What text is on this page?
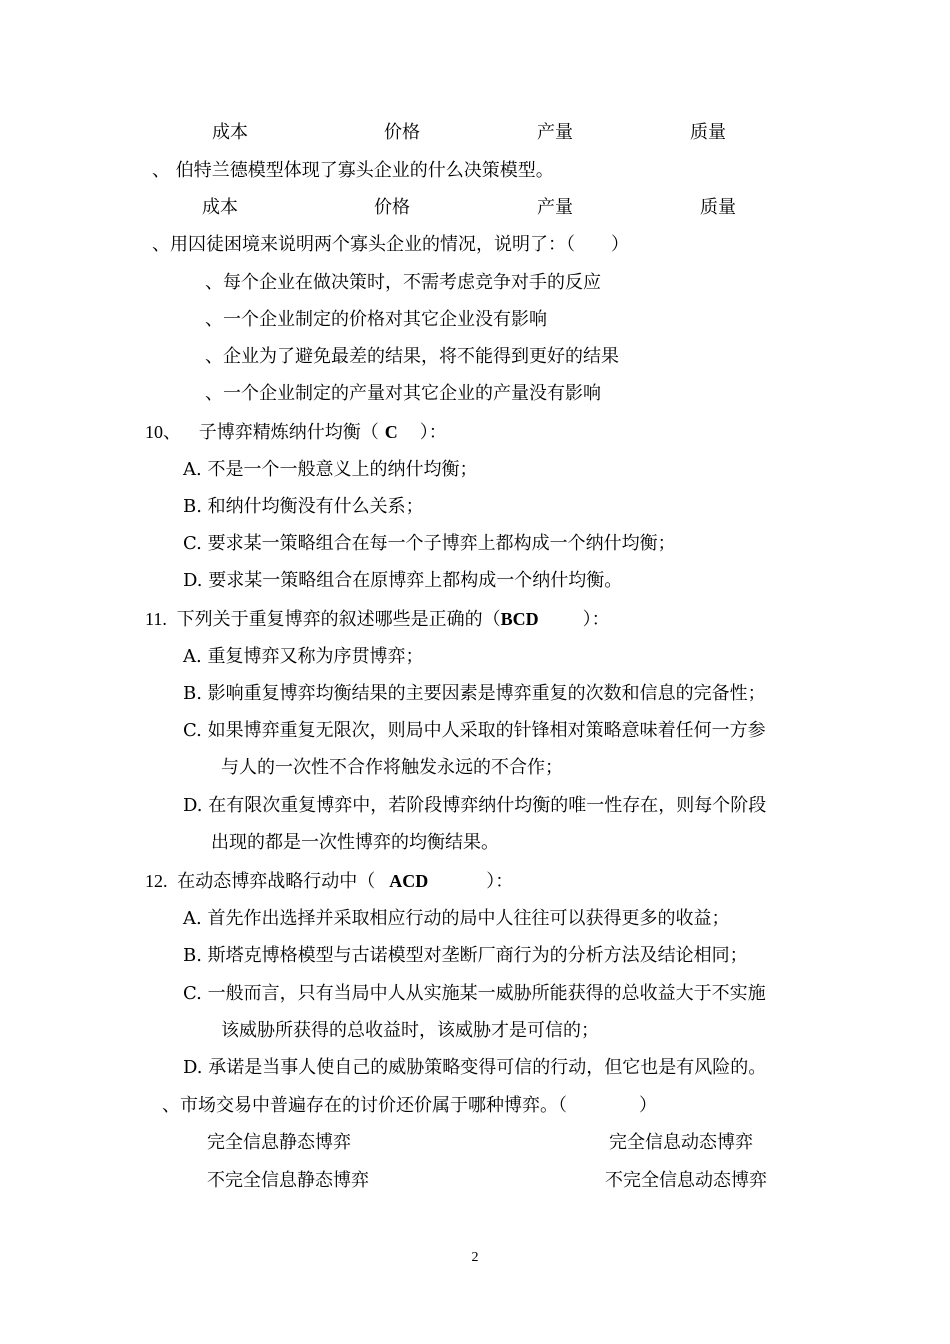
成本	价格	产量	质量
、 伯特兰德模型体现了寡头企业的什么决策模型。
成本	价格	产量	质量
、用囚徒困境来说明两个寡头企业的情况，说明了：（　　）
、每个企业在做决策时，不需考虑竞争对手的反应
、一个企业制定的价格对其它企业没有影响
、企业为了避免最差的结果，将不能得到更好的结果
、一个企业制定的产量对其它企业的产量没有影响
10、 子博弈精炼纳什均衡（ C ）：
A. 不是一个一般意义上的纳什均衡；
B. 和纳什均衡没有什么关系；
C. 要求某一策略组合在每一个子博弈上都构成一个纳什均衡；
D. 要求某一策略组合在原博弈上都构成一个纳什均衡。
11. 下列关于重复博弈的叙述哪些是正确的（BCD ）：
A. 重复博弈又称为序贯博弈；
B. 影响重复博弈均衡结果的主要因素是博弈重复的次数和信息的完备性；
C. 如果博弈重复无限次，则局中人采取的针锋相对策略意味着任何一方参
与人的一次性不合作将触发永远的不合作；
D. 在有限次重复博弈中，若阶段博弈纳什均衡的唯一性存在，则每个阶段
出现的都是一次性博弈的均衡结果。
12. 在动态博弈战略行动中（ ACD	）：
A. 首先作出选择并采取相应行动的局中人往往可以获得更多的收益；
B. 斯塔克博格模型与古诺模型对垄断厂商行为的分析方法及结论相同；
C. 一般而言，只有当局中人从实施某一威胁所能获得的总收益大于不实施
该威胁所获得的总收益时，该威胁才是可信的；
D. 承诺是当事人使自己的威胁策略变得可信的行动，但它也是有风险的。
、市场交易中普遍存在的讨价还价属于哪种博弈。（　　　　）
完全信息静态博弈	完全信息动态博弈
不完全信息静态博弈	不完全信息动态博弈
2
